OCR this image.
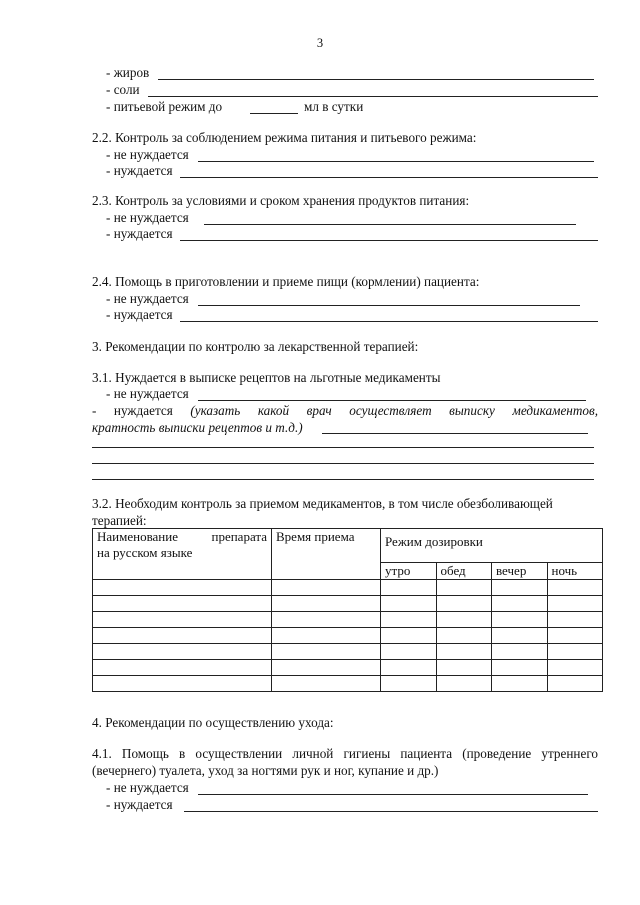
3
- жиров
- соли
- питьевой режим до	мл в сутки
2.2. Контроль за соблюдением режима питания и питьевого режима:
- не нуждается
- нуждается
2.3. Контроль за условиями и сроком хранения продуктов питания:
- не нуждается
- нуждается
2.4. Помощь в приготовлении и приеме пищи (кормлении) пациента:
- не нуждается
- нуждается
3. Рекомендации по контролю за лекарственной терапией:
3.1. Нуждается в выписке рецептов на льготные медикаменты
- не нуждается
- нуждается (указать какой врач осуществляет выписку медикаментов,
кратность выписки рецептов и т.д.)
3.2. Необходим контроль за приемом медикаментов, в том числе обезболивающей
терапией:
Наименование препарата
на русском языке	Время приема	Режим дозировки			
		утро	обед	вечер	ночь

4. Рекомендации по осуществлению ухода:
4.1. Помощь в осуществлении личной гигиены пациента (проведение утреннего
(вечернего) туалета, уход за ногтями рук и ног, купание и др.)
- не нуждается
- нуждается
